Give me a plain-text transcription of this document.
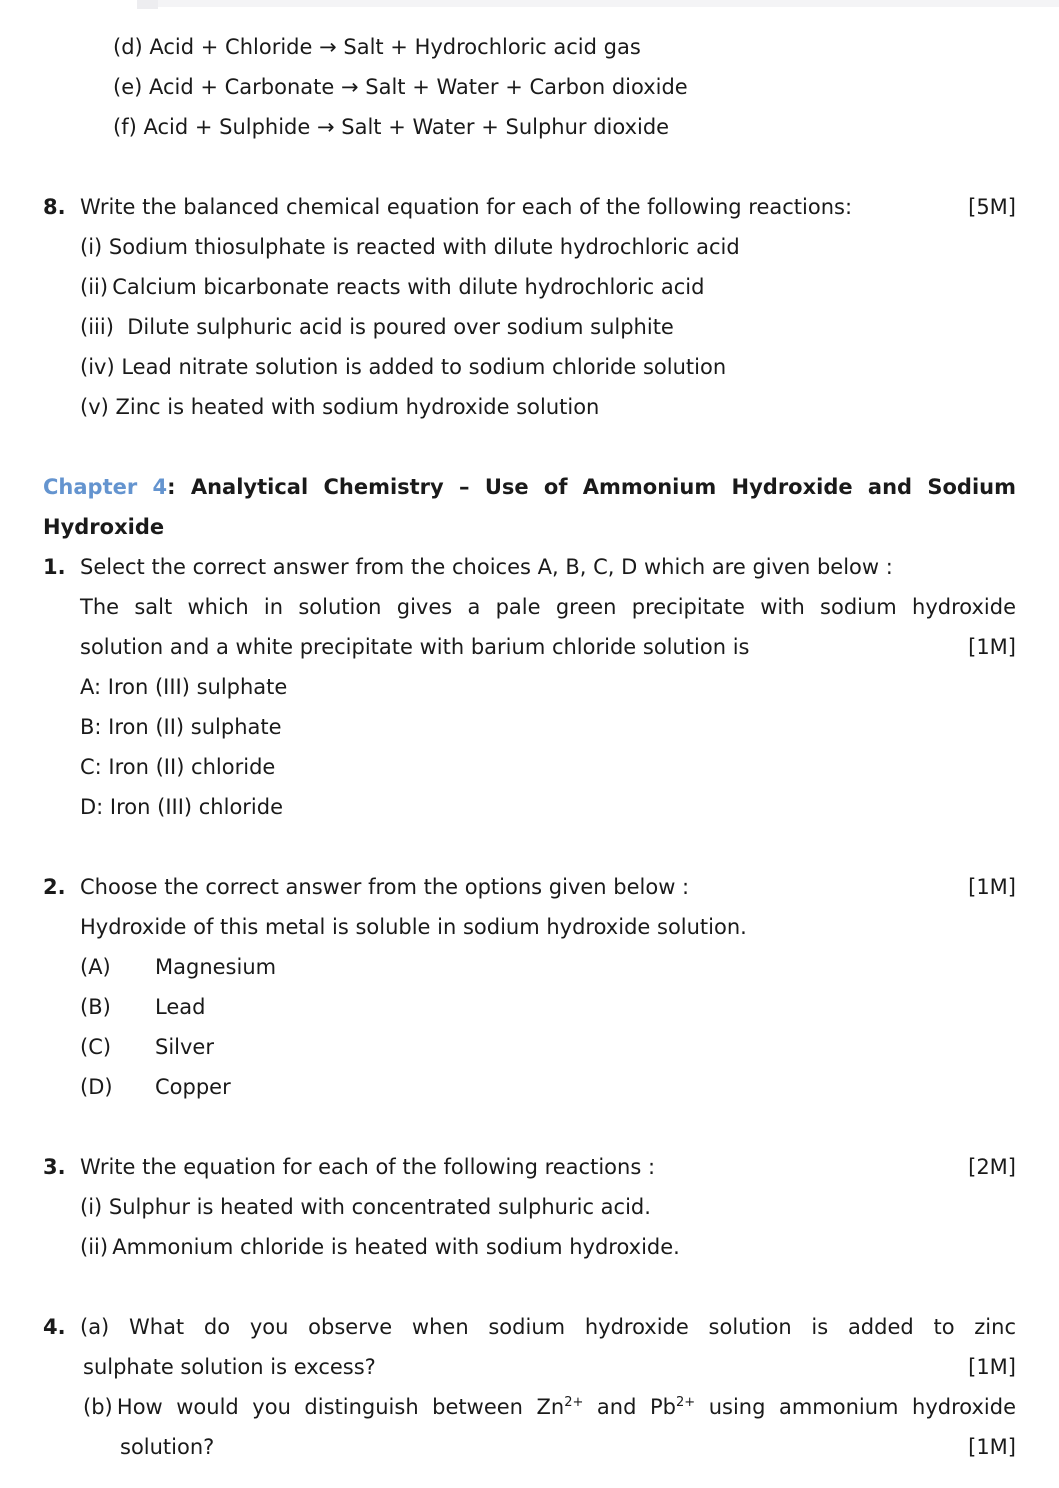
(d) Acid + Chloride → Salt + Hydrochloric acid gas
(e) Acid + Carbonate → Salt + Water + Carbon dioxide
(f) Acid + Sulphide → Salt + Water + Sulphur dioxide
8. Write the balanced chemical equation for each of the following reactions:	[5M]
(i) Sodium thiosulphate is reacted with dilute hydrochloric acid
(ii) Calcium bicarbonate reacts with dilute hydrochloric acid
(iii)  Dilute sulphuric acid is poured over sodium sulphite
(iv) Lead nitrate solution is added to sodium chloride solution
(v) Zinc is heated with sodium hydroxide solution
Chapter 4: Analytical Chemistry – Use of Ammonium Hydroxide and Sodium
Hydroxide
1. Select the correct answer from the choices A, B, C, D which are given below :
The salt which in solution gives a pale green precipitate with sodium hydroxide
solution and a white precipitate with barium chloride solution is	[1M]
A: Iron (III) sulphate
B: Iron (II) sulphate
C: Iron (II) chloride
D: Iron (III) chloride
2. Choose the correct answer from the options given below :	[1M]
Hydroxide of this metal is soluble in sodium hydroxide solution.
(A)	Magnesium
(B)	Lead
(C)	Silver
(D)	Copper
3. Write the equation for each of the following reactions :	[2M]
(i) Sulphur is heated with concentrated sulphuric acid.
(ii) Ammonium chloride is heated with sodium hydroxide.
4. (a) What do you observe when sodium hydroxide solution is added to zinc
sulphate solution is excess?	[1M]
(b) How would you distinguish between $Zn^{2+}$ and $Pb^{2+}$ using ammonium hydroxide
solution?	[1M]
